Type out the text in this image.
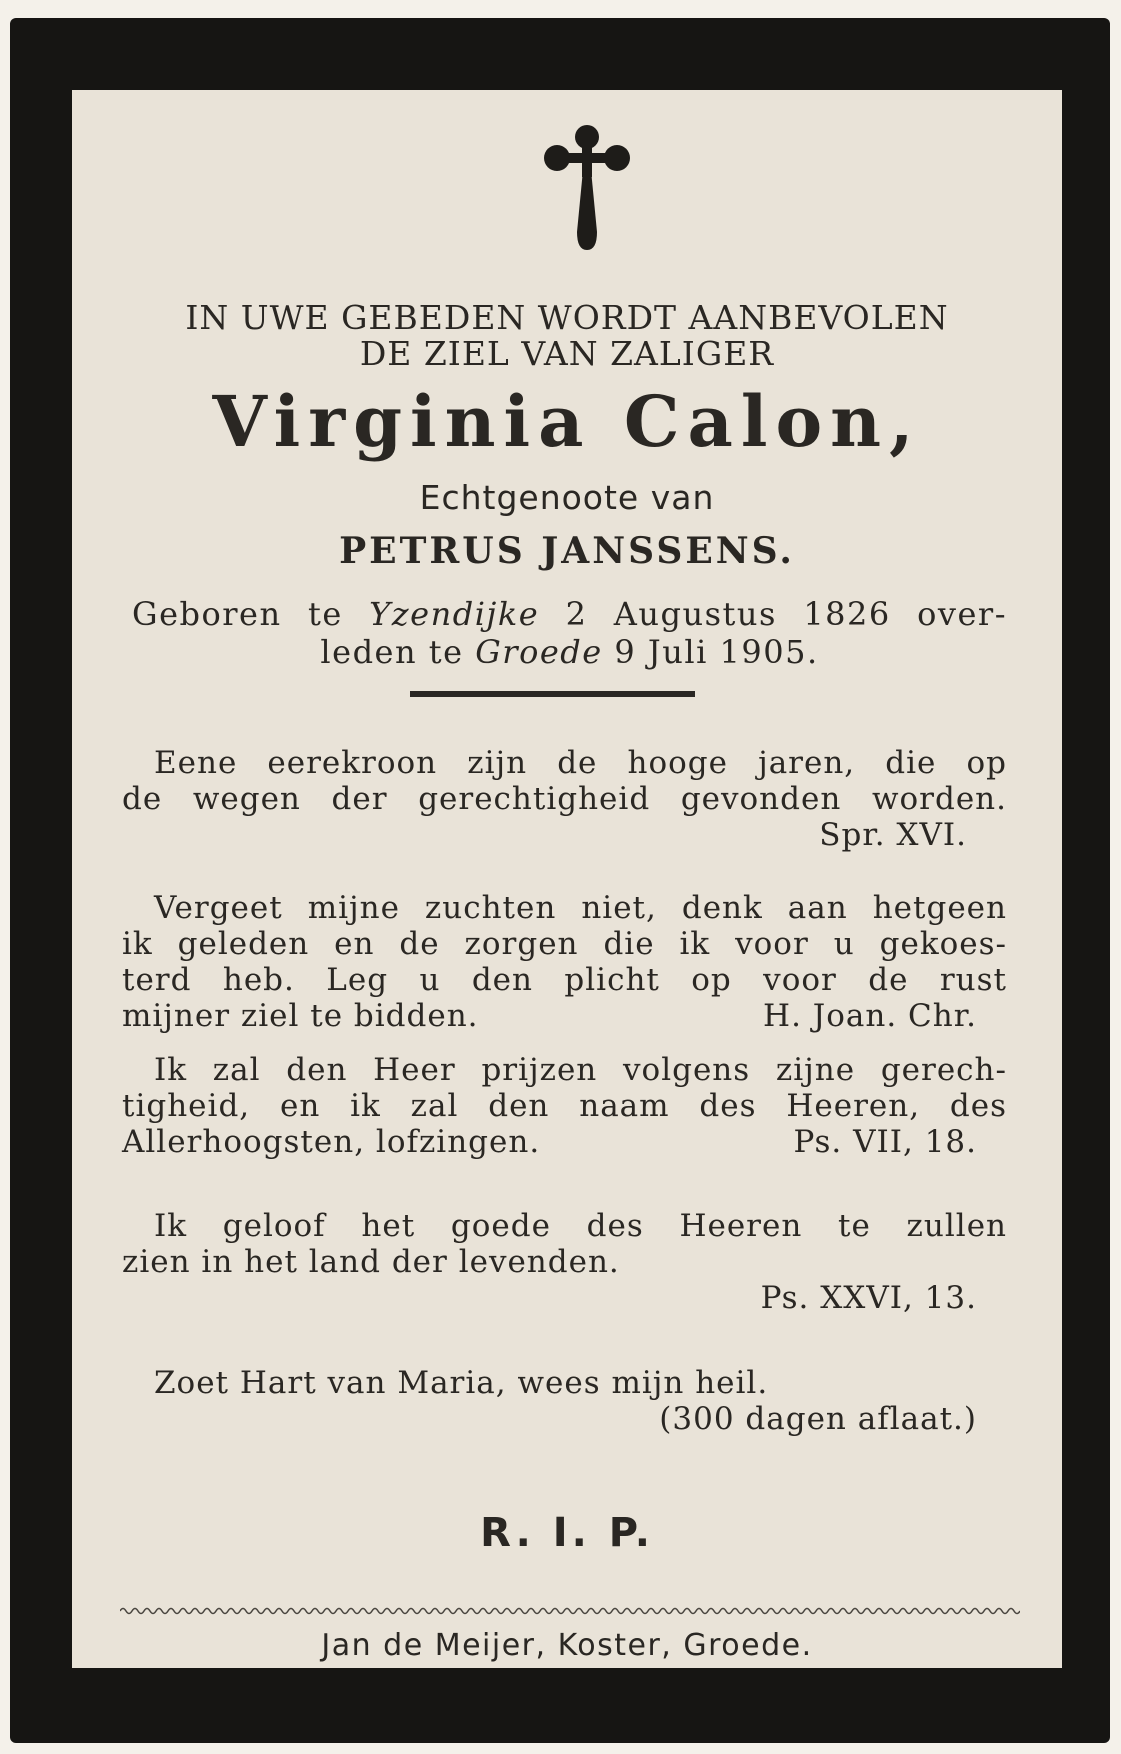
IN UWE GEBEDEN WORDT AANBEVOLEN
DE ZIEL VAN ZALIGER
Virginia Calon,
Echtgenoote van
PETRUS JANSSENS.
Geboren te Yzendijke 2 Augustus 1826 over-
leden te Groede 9 Juli 1905.
Eene eerekroon zijn de hooge jaren, die op
de wegen der gerechtigheid gevonden worden.
Spr. XVI.
Vergeet mijne zuchten niet, denk aan hetgeen
ik geleden en de zorgen die ik voor u gekoes-
terd heb. Leg u den plicht op voor de rust
mijner ziel te bidden.	H. Joan. Chr.
Ik zal den Heer prijzen volgens zijne gerech-
tigheid, en ik zal den naam des Heeren, des
Allerhoogsten, lofzingen.	Ps. VII, 18.
Ik geloof het goede des Heeren te zullen
zien in het land der levenden.
Ps. XXVI, 13.
Zoet Hart van Maria, wees mijn heil.
(300 dagen aflaat.)
R. I. P.
Jan de Meijer, Koster, Groede.
